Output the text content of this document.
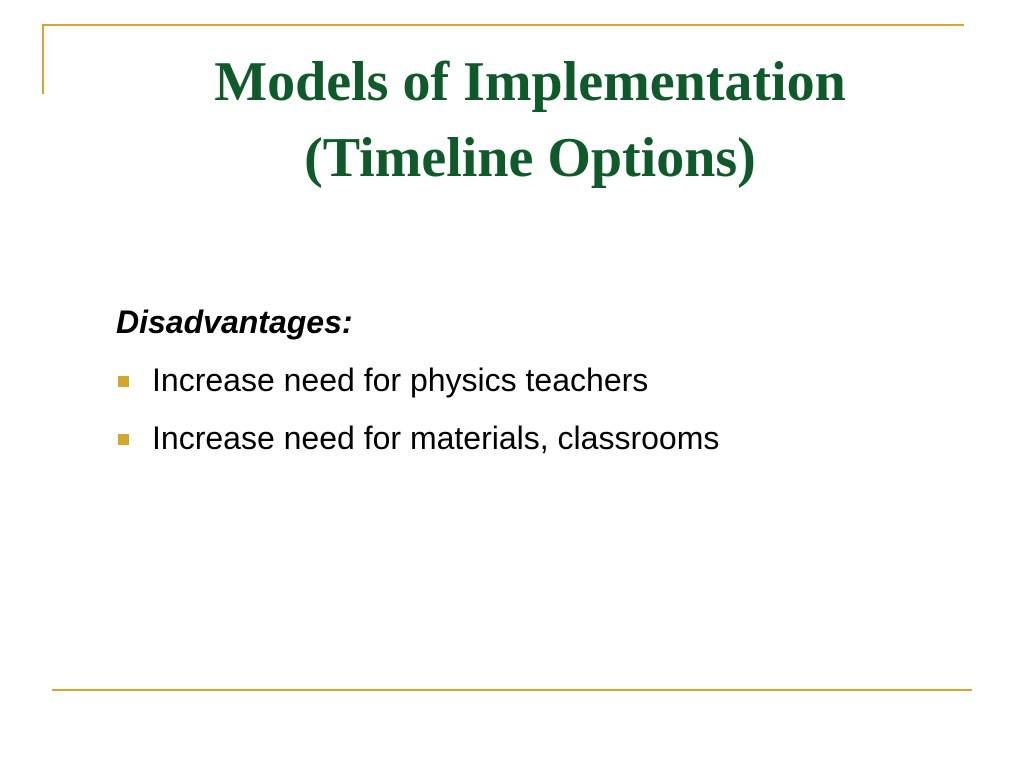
Models of Implementation
(Timeline Options)

Disadvantages:

Increase need for physics teachers
Increase need for materials, classrooms
